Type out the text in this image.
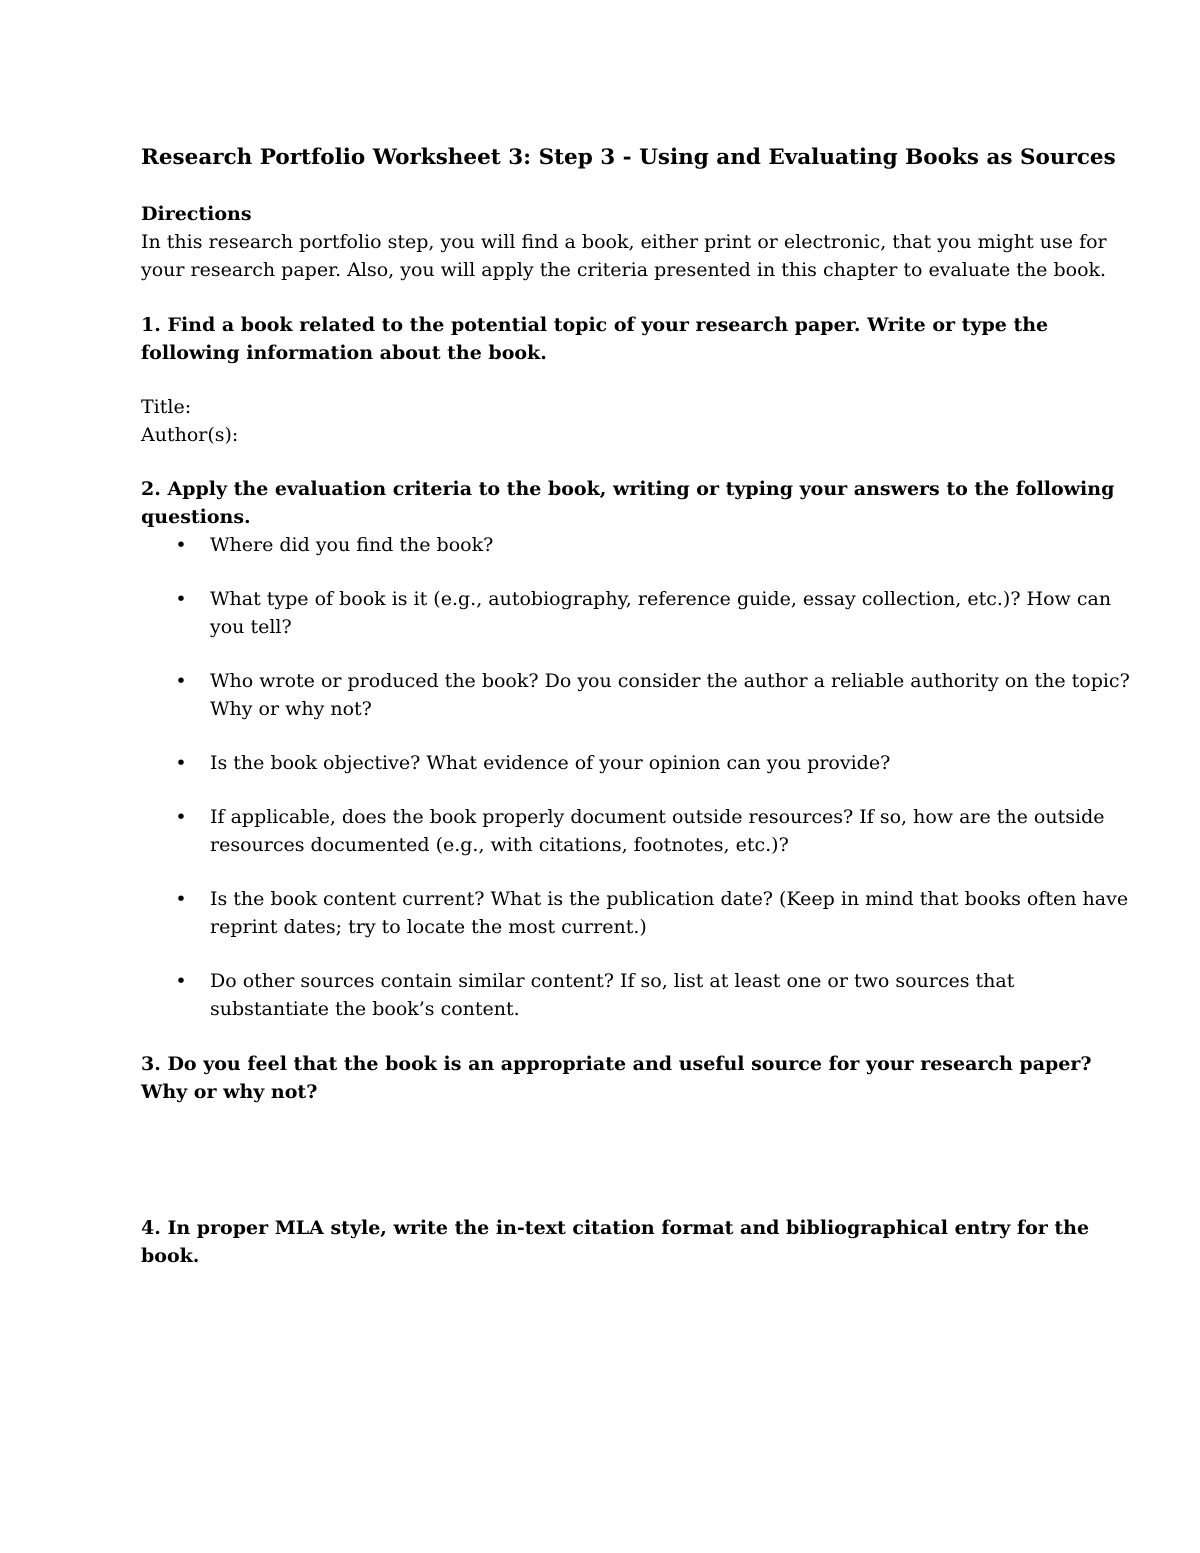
Research Portfolio Worksheet 3: Step 3 - Using and Evaluating Books as Sources

Directions

In this research portfolio step, you will find a book, either print or electronic, that you might use for your research paper. Also, you will apply the criteria presented in this chapter to evaluate the book.

1. Find a book related to the potential topic of your research paper. Write or type the following information about the book.

Title:

Author(s):

2. Apply the evaluation criteria to the book, writing or typing your answers to the following questions.

• Where did you find the book?
• What type of book is it (e.g., autobiography, reference guide, essay collection, etc.)? How can you tell?
• Who wrote or produced the book? Do you consider the author a reliable authority on the topic? Why or why not?
• Is the book objective? What evidence of your opinion can you provide?
• If applicable, does the book properly document outside resources? If so, how are the outside resources documented (e.g., with citations, footnotes, etc.)?
• Is the book content current? What is the publication date? (Keep in mind that books often have reprint dates; try to locate the most current.)
• Do other sources contain similar content? If so, list at least one or two sources that substantiate the book’s content.

3. Do you feel that the book is an appropriate and useful source for your research paper? Why or why not?

4. In proper MLA style, write the in-text citation format and bibliographical entry for the book.
